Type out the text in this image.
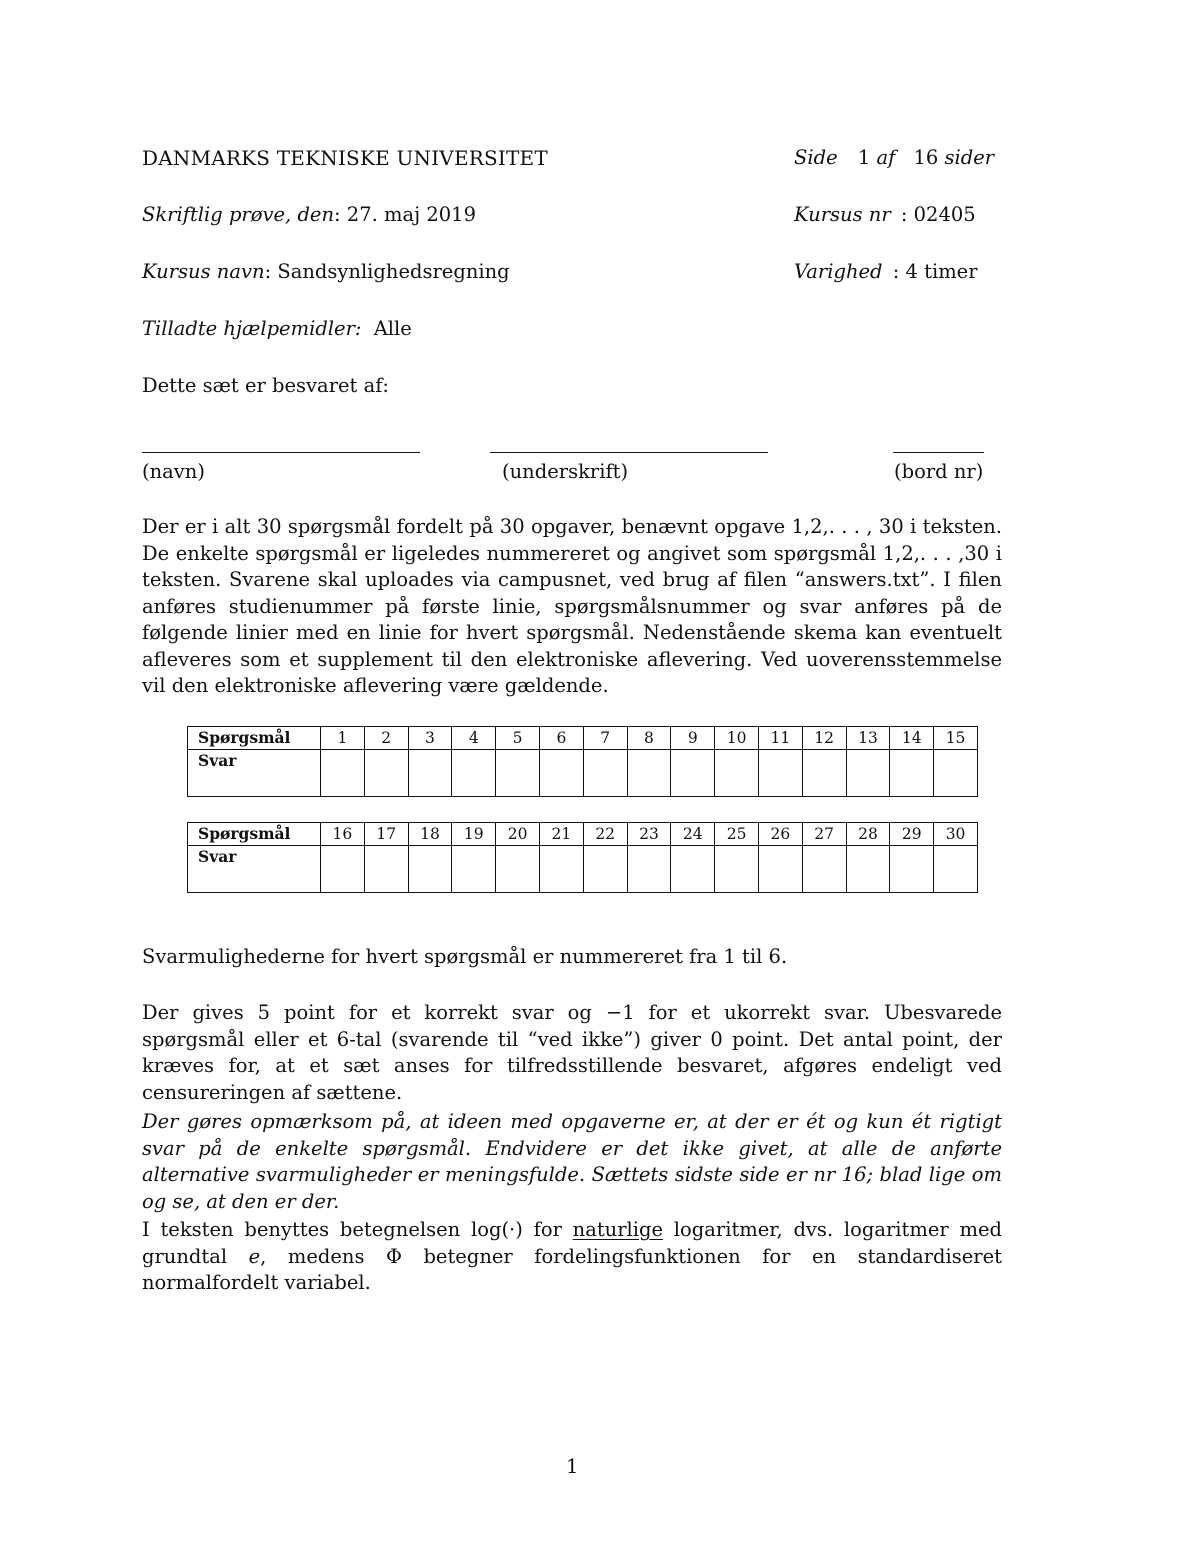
DANMARKS TEKNISKE UNIVERSITET	Side 1 af 16 sider
Skriftlig prøve, den: 27. maj 2019	Kursus nr : 02405
Kursus navn: Sandsynlighedsregning	Varighed : 4 timer
Tilladte hjælpemidler: Alle
Dette sæt er besvaret af:
(navn)	(underskrift)	(bord nr)
Der er i alt 30 spørgsmål fordelt på 30 opgaver, benævnt opgave 1,2,. . . , 30 i teksten. De enkelte spørgsmål er ligeledes nummereret og angivet som spørgsmål 1,2,. . . ,30 i teksten. Svarene skal uploades via campusnet, ved brug af filen “answers.txt”. I filen anføres studienummer på første linie, spørgsmålsnummer og svar anføres på de følgende linier med en linie for hvert spørgsmål. Nedenstående skema kan eventuelt afleveres som et supplement til den elektroniske aflevering. Ved uoverensstemmelse vil den elektroniske aflevering være gældende.
Spørgsmål	1	2	3	4	5	6	7	8	9	10	11	12	13	14	15
Svar															
Spørgsmål	16	17	18	19	20	21	22	23	24	25	26	27	28	29	30
Svar															
Svarmulighederne for hvert spørgsmål er nummereret fra 1 til 6.
Der gives 5 point for et korrekt svar og −1 for et ukorrekt svar. Ubesvarede spørgsmål eller et 6-tal (svarende til “ved ikke”) giver 0 point. Det antal point, der kræves for, at et sæt anses for tilfredsstillende besvaret, afgøres endeligt ved censureringen af sættene.
Der gøres opmærksom på, at ideen med opgaverne er, at der er ét og kun ét rigtigt svar på de enkelte spørgsmål. Endvidere er det ikke givet, at alle de anførte alternative svarmuligheder er meningsfulde. Sættets sidste side er nr 16; blad lige om og se, at den er der.
I teksten benyttes betegnelsen log(·) for naturlige logaritmer, dvs. logaritmer med grundtal e, medens Φ betegner fordelingsfunktionen for en standardiseret normalfordelt variabel.
1
